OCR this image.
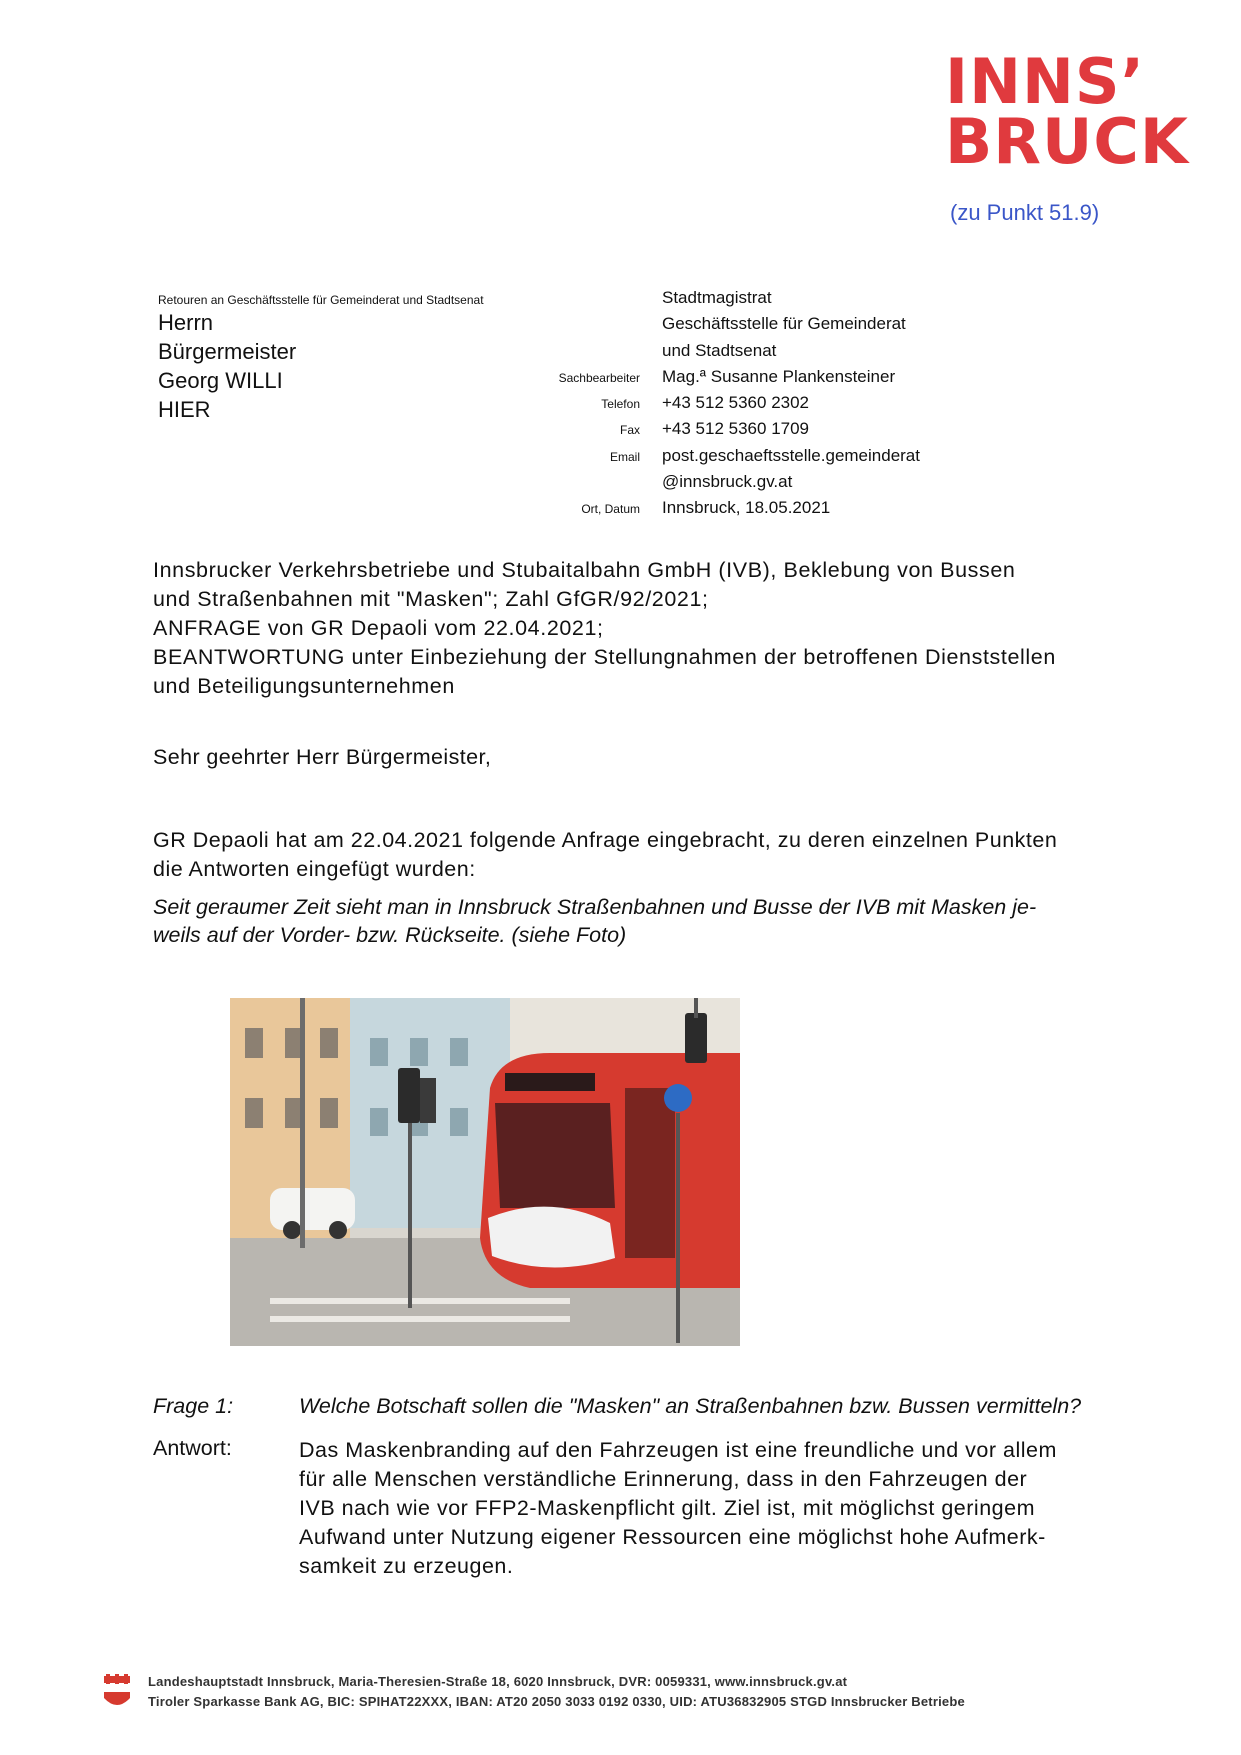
INNS’
BRUCK
(zu Punkt 51.9)
Retouren an Geschäftsstelle für Gemeinderat und Stadtsenat
Herrn
Bürgermeister
Georg WILLI
HIER
Stadtmagistrat
Geschäftsstelle für Gemeinderat
und Stadtsenat
Sachbearbeiter	Mag.ª Susanne Plankensteiner
Telefon	+43 512 5360 2302
Fax	+43 512 5360 1709
Email	post.geschaeftsstelle.gemeinderat
@innsbruck.gv.at
Ort, Datum	Innsbruck, 18.05.2021
Innsbrucker Verkehrsbetriebe und Stubaitalbahn GmbH (IVB), Beklebung von Bussen
und Straßenbahnen mit "Masken"; Zahl GfGR/92/2021;
ANFRAGE von GR Depaoli vom 22.04.2021;
BEANTWORTUNG unter Einbeziehung der Stellungnahmen der betroffenen Dienststellen
und Beteiligungsunternehmen
Sehr geehrter Herr Bürgermeister,
GR Depaoli hat am 22.04.2021 folgende Anfrage eingebracht, zu deren einzelnen Punkten
die Antworten eingefügt wurden:
Seit geraumer Zeit sieht man in Innsbruck Straßenbahnen und Busse der IVB mit Masken je-
weils auf der Vorder- bzw. Rückseite. (siehe Foto)
Frage 1:	Welche Botschaft sollen die "Masken" an Straßenbahnen bzw. Bussen vermitteln?
Antwort:	Das Maskenbranding auf den Fahrzeugen ist eine freundliche und vor allem
für alle Menschen verständliche Erinnerung, dass in den Fahrzeugen der
IVB nach wie vor FFP2-Maskenpflicht gilt. Ziel ist, mit möglichst geringem
Aufwand unter Nutzung eigener Ressourcen eine möglichst hohe Aufmerk-
samkeit zu erzeugen.
Landeshauptstadt Innsbruck, Maria-Theresien-Straße 18, 6020 Innsbruck, DVR: 0059331, www.innsbruck.gv.at
Tiroler Sparkasse Bank AG, BIC: SPIHAT22XXX, IBAN: AT20 2050 3033 0192 0330, UID: ATU36832905 STGD Innsbrucker Betriebe
